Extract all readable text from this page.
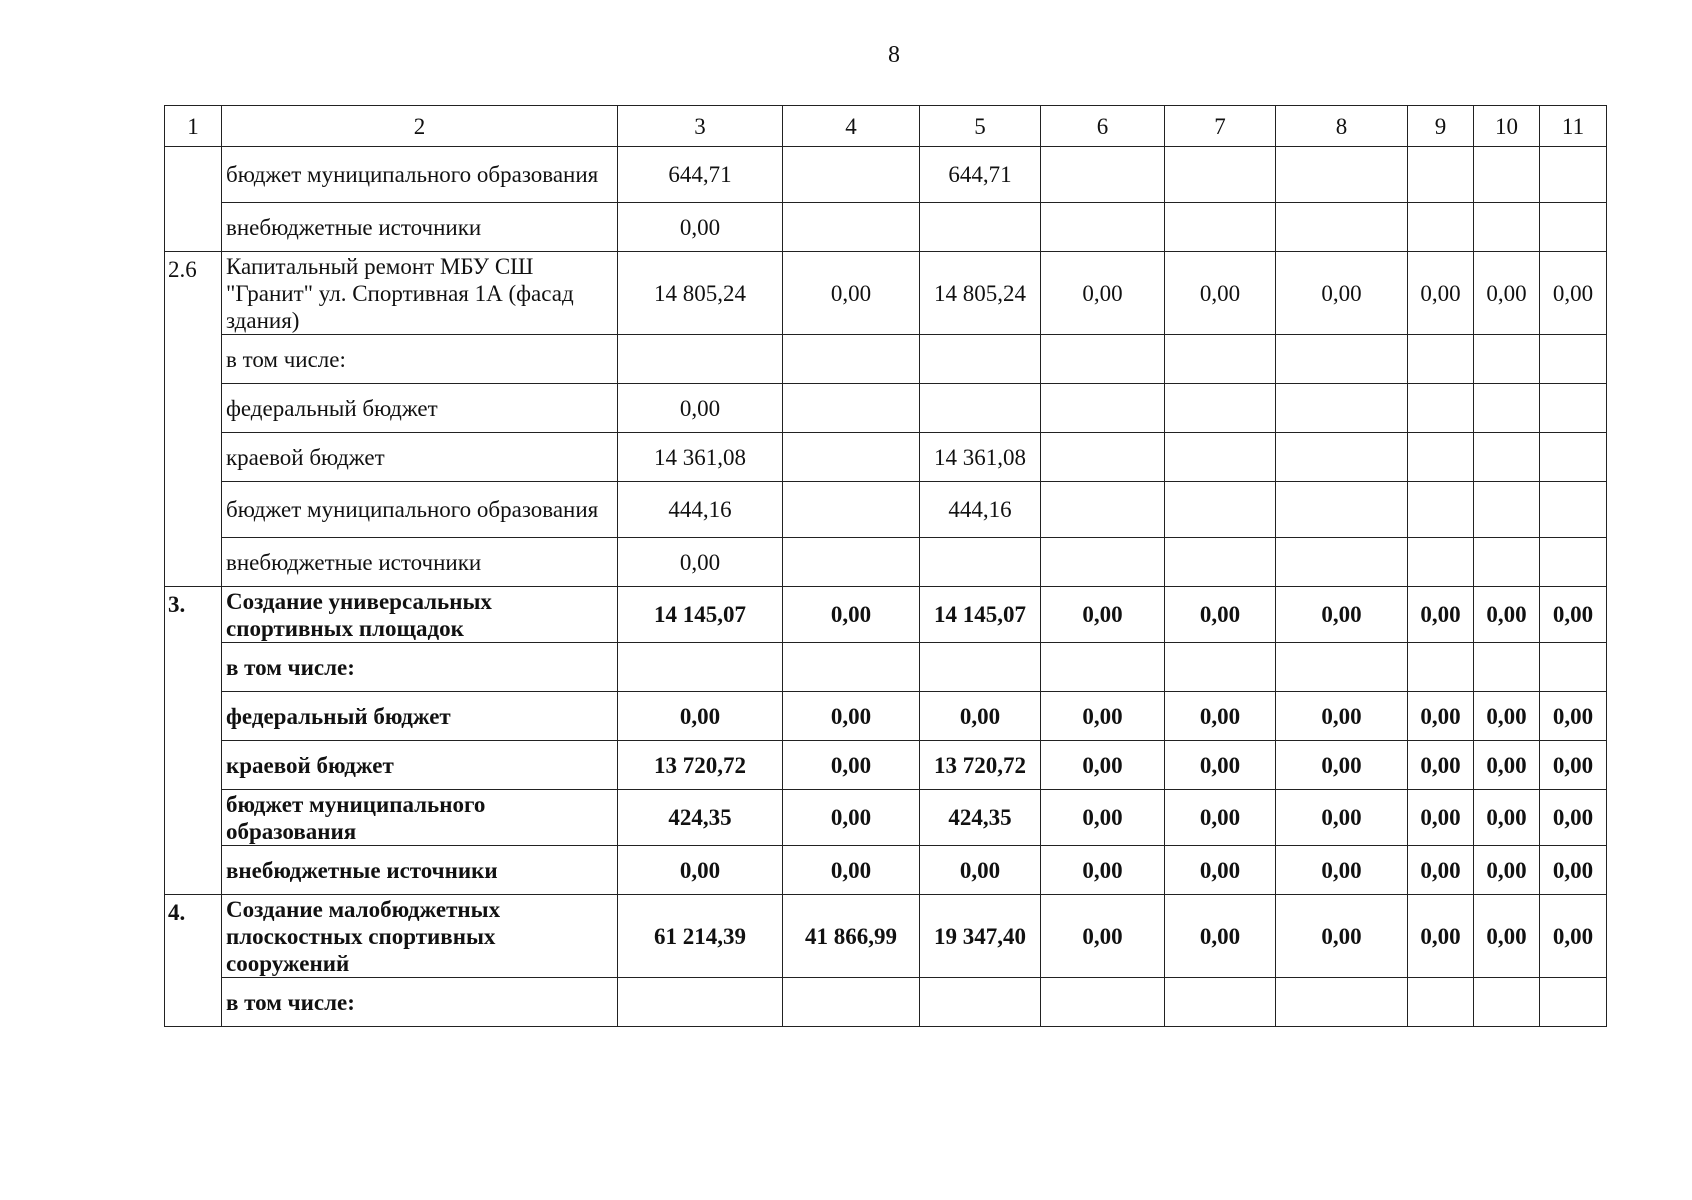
8
1	2	3	4	5	6	7	8	9	10	11
	бюджет муниципального образования	644,71		644,71						
	внебюджетные источники	0,00								
2.6	Капитальный ремонт МБУ СШ "Гранит" ул. Спортивная 1А (фасад здания)	14 805,24	0,00	14 805,24	0,00	0,00	0,00	0,00	0,00	0,00
	в том числе:									
	федеральный бюджет	0,00								
	краевой бюджет	14 361,08		14 361,08						
	бюджет муниципального образования	444,16		444,16						
	внебюджетные источники	0,00								
3.	Создание универсальных спортивных площадок	14 145,07	0,00	14 145,07	0,00	0,00	0,00	0,00	0,00	0,00
	в том числе:									
	федеральный бюджет	0,00	0,00	0,00	0,00	0,00	0,00	0,00	0,00	0,00
	краевой бюджет	13 720,72	0,00	13 720,72	0,00	0,00	0,00	0,00	0,00	0,00
	бюджет муниципального образования	424,35	0,00	424,35	0,00	0,00	0,00	0,00	0,00	0,00
	внебюджетные источники	0,00	0,00	0,00	0,00	0,00	0,00	0,00	0,00	0,00
4.	Создание малобюджетных плоскостных спортивных сооружений	61 214,39	41 866,99	19 347,40	0,00	0,00	0,00	0,00	0,00	0,00
	в том числе:									
